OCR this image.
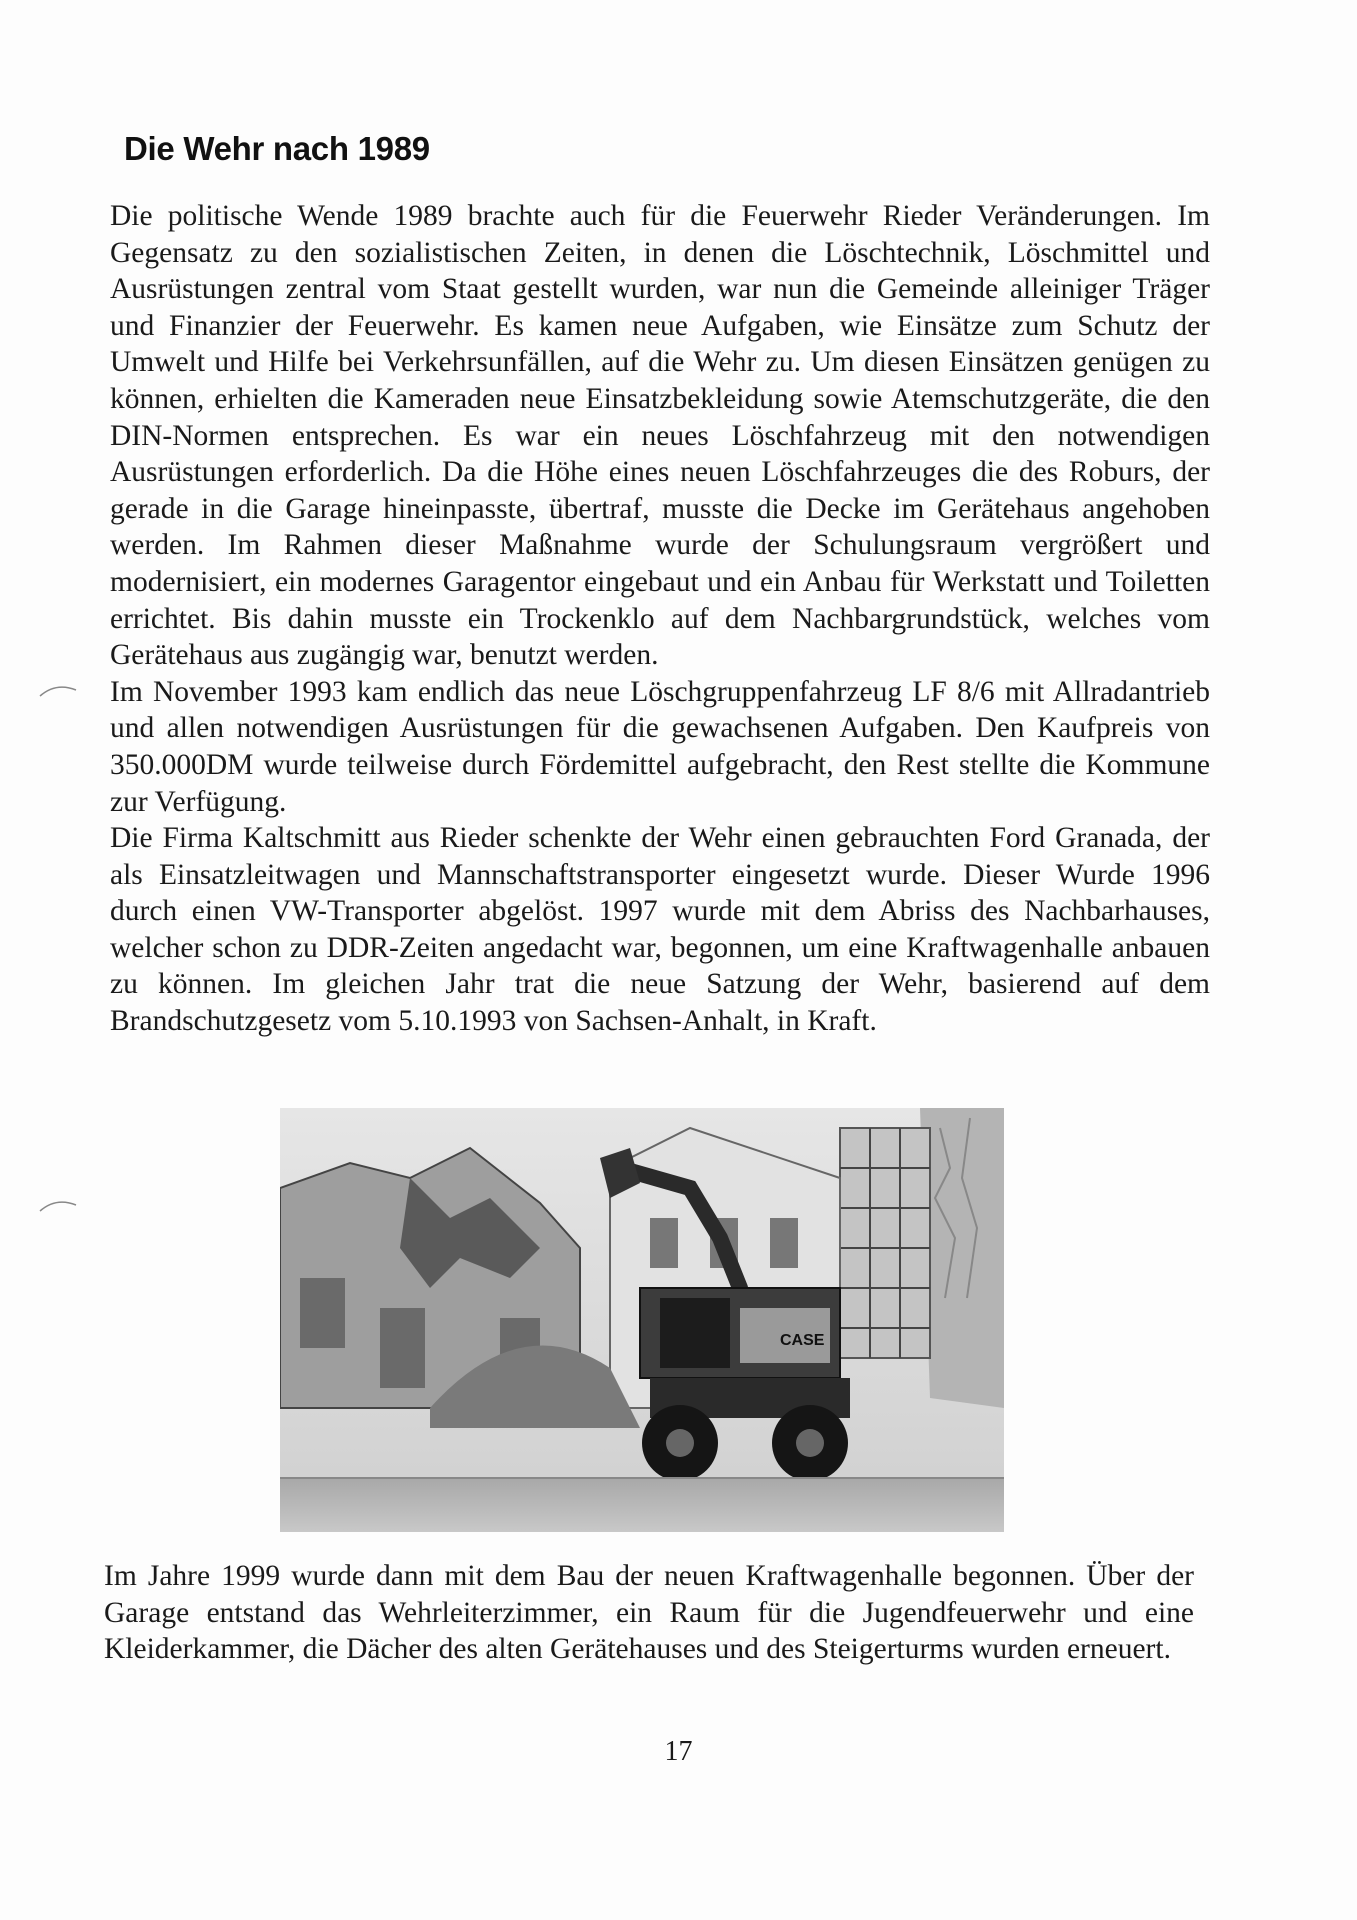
Die Wehr nach 1989

Die politische Wende 1989 brachte auch für die Feuerwehr Rieder Veränderungen. Im Gegensatz zu den sozialistischen Zeiten, in denen die Löschtechnik, Löschmittel und Ausrüstungen zentral vom Staat gestellt wurden, war nun die Gemeinde alleiniger Träger und Finanzier der Feuerwehr. Es kamen neue Aufgaben, wie Einsätze zum Schutz der Umwelt und Hilfe bei Verkehrsunfällen, auf die Wehr zu. Um diesen Einsätzen genügen zu können, erhielten die Kameraden neue Einsatzbekleidung sowie Atemschutzgeräte, die den DIN-Normen entsprechen. Es war ein neues Löschfahrzeug mit den notwendigen Ausrüstungen erforderlich. Da die Höhe eines neuen Löschfahrzeuges die des Roburs, der gerade in die Garage hineinpasste, übertraf, musste die Decke im Gerätehaus angehoben werden. Im Rahmen dieser Maßnahme wurde der Schulungsraum vergrößert und modernisiert, ein modernes Garagentor eingebaut und ein Anbau für Werkstatt und Toiletten errichtet. Bis dahin musste ein Trockenklo auf dem Nachbargrundstück, welches vom Gerätehaus aus zugängig war, benutzt werden.

Im November 1993 kam endlich das neue Löschgruppenfahrzeug LF 8/6 mit Allradantrieb und allen notwendigen Ausrüstungen für die gewachsenen Aufgaben. Den Kaufpreis von 350.000DM wurde teilweise durch Fördemittel aufgebracht, den Rest stellte die Kommune zur Verfügung.

Die Firma Kaltschmitt aus Rieder schenkte der Wehr einen gebrauchten Ford Granada, der als Einsatzleitwagen und Mannschaftstransporter eingesetzt wurde. Dieser Wurde 1996 durch einen VW-Transporter abgelöst. 1997 wurde mit dem Abriss des Nachbarhauses, welcher schon zu DDR-Zeiten angedacht war, begonnen, um eine Kraftwagenhalle anbauen zu können. Im gleichen Jahr trat die neue Satzung der Wehr, basierend auf dem Brandschutzgesetz vom 5.10.1993 von Sachsen-Anhalt, in Kraft.

CASE

Im Jahre 1999 wurde dann mit dem Bau der neuen Kraftwagenhalle begonnen. Über der Garage entstand das Wehrleiterzimmer, ein Raum für die Jugendfeuerwehr und eine Kleiderkammer, die Dächer des alten Gerätehauses und des Steigerturms wurden erneuert.

17
